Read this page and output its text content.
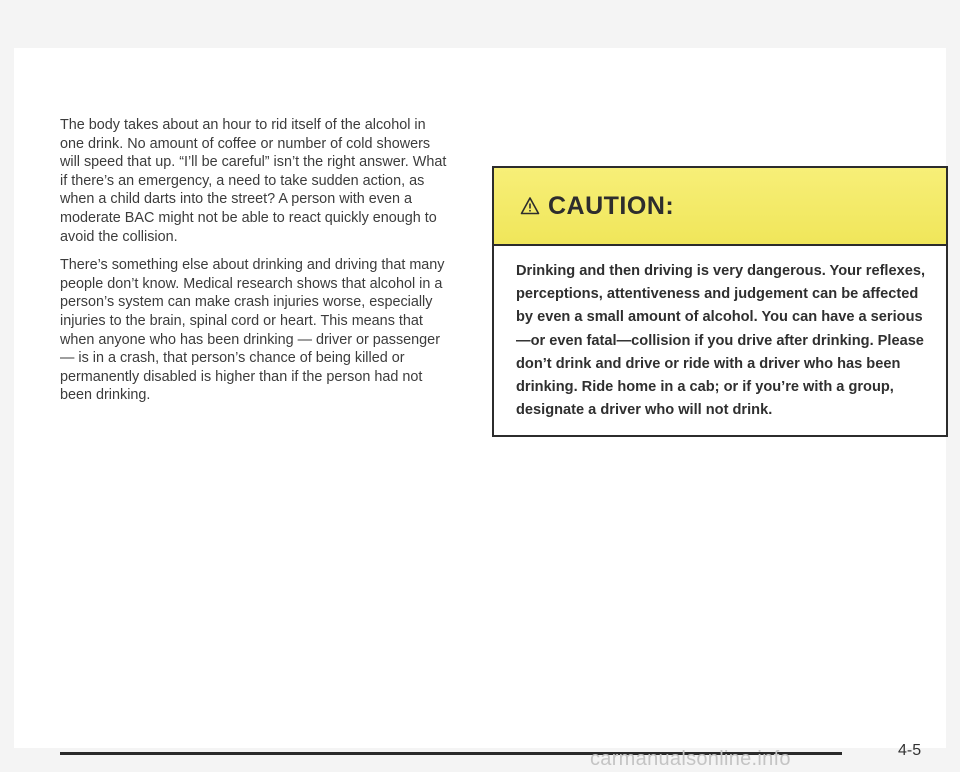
The body takes about an hour to rid itself of the alcohol in one drink. No amount of coffee or number of cold showers will speed that up. “I’ll be careful” isn’t the right answer. What if there’s an emergency, a need to take sudden action, as when a child darts into the street? A person with even a moderate BAC might not be able to react quickly enough to avoid the collision.

There’s something else about drinking and driving that many people don’t know. Medical research shows that alcohol in a person’s system can make crash injuries worse, especially injuries to the brain, spinal cord or heart. This means that when anyone who has been drinking — driver or passenger — is in a crash, that person’s chance of being killed or permanently disabled is higher than if the person had not been drinking.

CAUTION:
Drinking and then driving is very dangerous. Your reflexes, perceptions, attentiveness and judgement can be affected by even a small amount of alcohol. You can have a serious—or even fatal—collision if you drive after drinking. Please don’t drink and drive or ride with a driver who has been drinking. Ride home in a cab; or if you’re with a group, designate a driver who will not drink.
4-5
carmanualsonline.info
